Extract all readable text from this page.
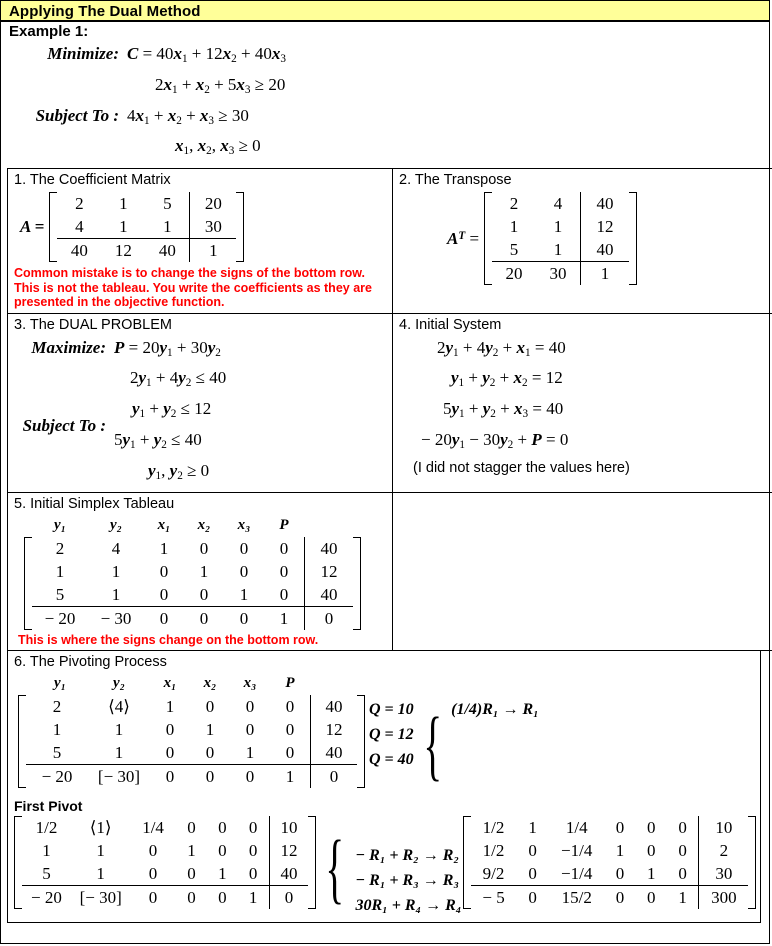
Applying The Dual Method
Example 1:
Minimize: $C = 40x_1 + 12x_2 + 40x_3$
$2x_1 + x_2 + 5x_3 \ge 20$
Subject To : $4x_1 + x_2 + x_3 \ge 30$
$x_1$, $x_2$, $x_3 \ge 0$
1. The Coefficient Matrix
A =
2	1	5	20
4	1	1	30
40	12	40	1
Common mistake is to change the signs of the bottom row. This is not the tableau. You write the coefficients as they are presented in the objective function.

2. The Transpose
$A^T$ =
2	4	40
1	1	12
5	1	40
20	30	1

3. The DUAL PROBLEM
Maximize: $P = 20y_1 + 30y_2$
$2y_1 + 4y_2 \le 40$
Subject To :
$y_1 + y_2 \le 12$
$5y_1 + y_2 \le 40$
$y_1$, $y_2 \ge 0$

4. Initial System
$2y_1 + 4y_2 + x_1 = 40$
$y_1 + y_2 + x_2 = 12$
$5y_1 + y_2 + x_3 = 40$
− $20y_1 - 30y_2 + P = 0$
(I did not stagger the values here)

5. Initial Simplex Tableau
y₁	y₂	x₁	x₂	x₃	P	
2	4	1	0	0	0	40
1	1	0	1	0	0	12
5	1	0	0	1	0	40
− 20	− 30	0	0	0	1	0
This is where the signs change on the bottom row.

6. The Pivoting Process
y₁	y₂	x₁	x₂	x₃	P	
2	⟨4⟩	1	0	0	0	40
1	1	0	1	0	0	12
5	1	0	0	1	0	40
− 20	[− 30]	0	0	0	1	0
Q = 10
Q = 12
Q = 40 { (1/4)R₁ → R₁
First Pivot
1/2	⟨1⟩	1/4	0	0	0	10
1	1	0	1	0	0	12
5	1	0	0	1	0	40
− 20	[− 30]	0	0	0	1	0 {
− R₁ + R₂ → R₂
− R₁ + R₃ → R₃
30R₁ + R₄ → R₄
1/2	1	1/4	0	0	0	10
1/2	0	−1/4	1	0	0	2
9/2	0	−1/4	0	1	0	30
− 5	0	15/2	0	0	1	300
